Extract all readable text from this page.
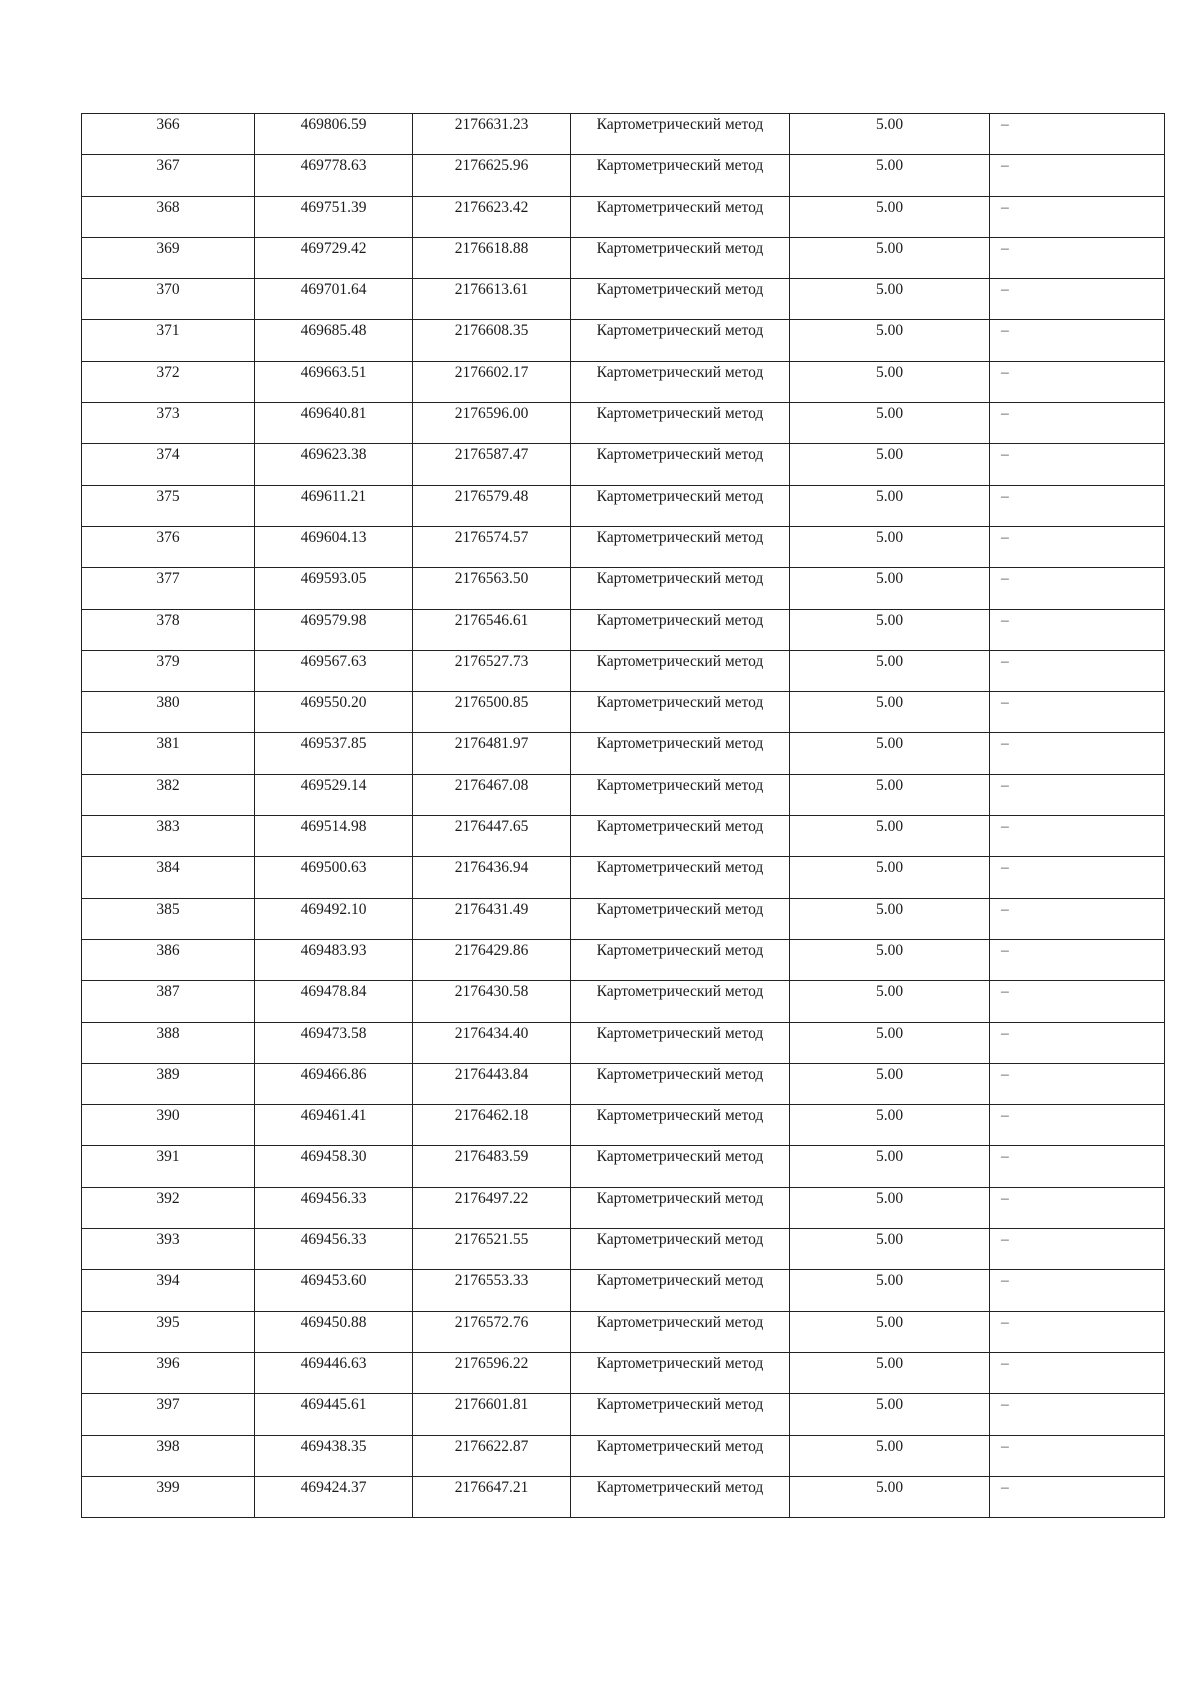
366	469806.59	2176631.23	Картометрический метод	5.00	–

367	469778.63	2176625.96	Картометрический метод	5.00	–

368	469751.39	2176623.42	Картометрический метод	5.00	–

369	469729.42	2176618.88	Картометрический метод	5.00	–

370	469701.64	2176613.61	Картометрический метод	5.00	–

371	469685.48	2176608.35	Картометрический метод	5.00	–

372	469663.51	2176602.17	Картометрический метод	5.00	–

373	469640.81	2176596.00	Картометрический метод	5.00	–

374	469623.38	2176587.47	Картометрический метод	5.00	–

375	469611.21	2176579.48	Картометрический метод	5.00	–

376	469604.13	2176574.57	Картометрический метод	5.00	–

377	469593.05	2176563.50	Картометрический метод	5.00	–

378	469579.98	2176546.61	Картометрический метод	5.00	–

379	469567.63	2176527.73	Картометрический метод	5.00	–

380	469550.20	2176500.85	Картометрический метод	5.00	–

381	469537.85	2176481.97	Картометрический метод	5.00	–

382	469529.14	2176467.08	Картометрический метод	5.00	–

383	469514.98	2176447.65	Картометрический метод	5.00	–

384	469500.63	2176436.94	Картометрический метод	5.00	–

385	469492.10	2176431.49	Картометрический метод	5.00	–

386	469483.93	2176429.86	Картометрический метод	5.00	–

387	469478.84	2176430.58	Картометрический метод	5.00	–

388	469473.58	2176434.40	Картометрический метод	5.00	–

389	469466.86	2176443.84	Картометрический метод	5.00	–

390	469461.41	2176462.18	Картометрический метод	5.00	–

391	469458.30	2176483.59	Картометрический метод	5.00	–

392	469456.33	2176497.22	Картометрический метод	5.00	–

393	469456.33	2176521.55	Картометрический метод	5.00	–

394	469453.60	2176553.33	Картометрический метод	5.00	–

395	469450.88	2176572.76	Картометрический метод	5.00	–

396	469446.63	2176596.22	Картометрический метод	5.00	–

397	469445.61	2176601.81	Картометрический метод	5.00	–

398	469438.35	2176622.87	Картометрический метод	5.00	–

399	469424.37	2176647.21	Картометрический метод	5.00	–
